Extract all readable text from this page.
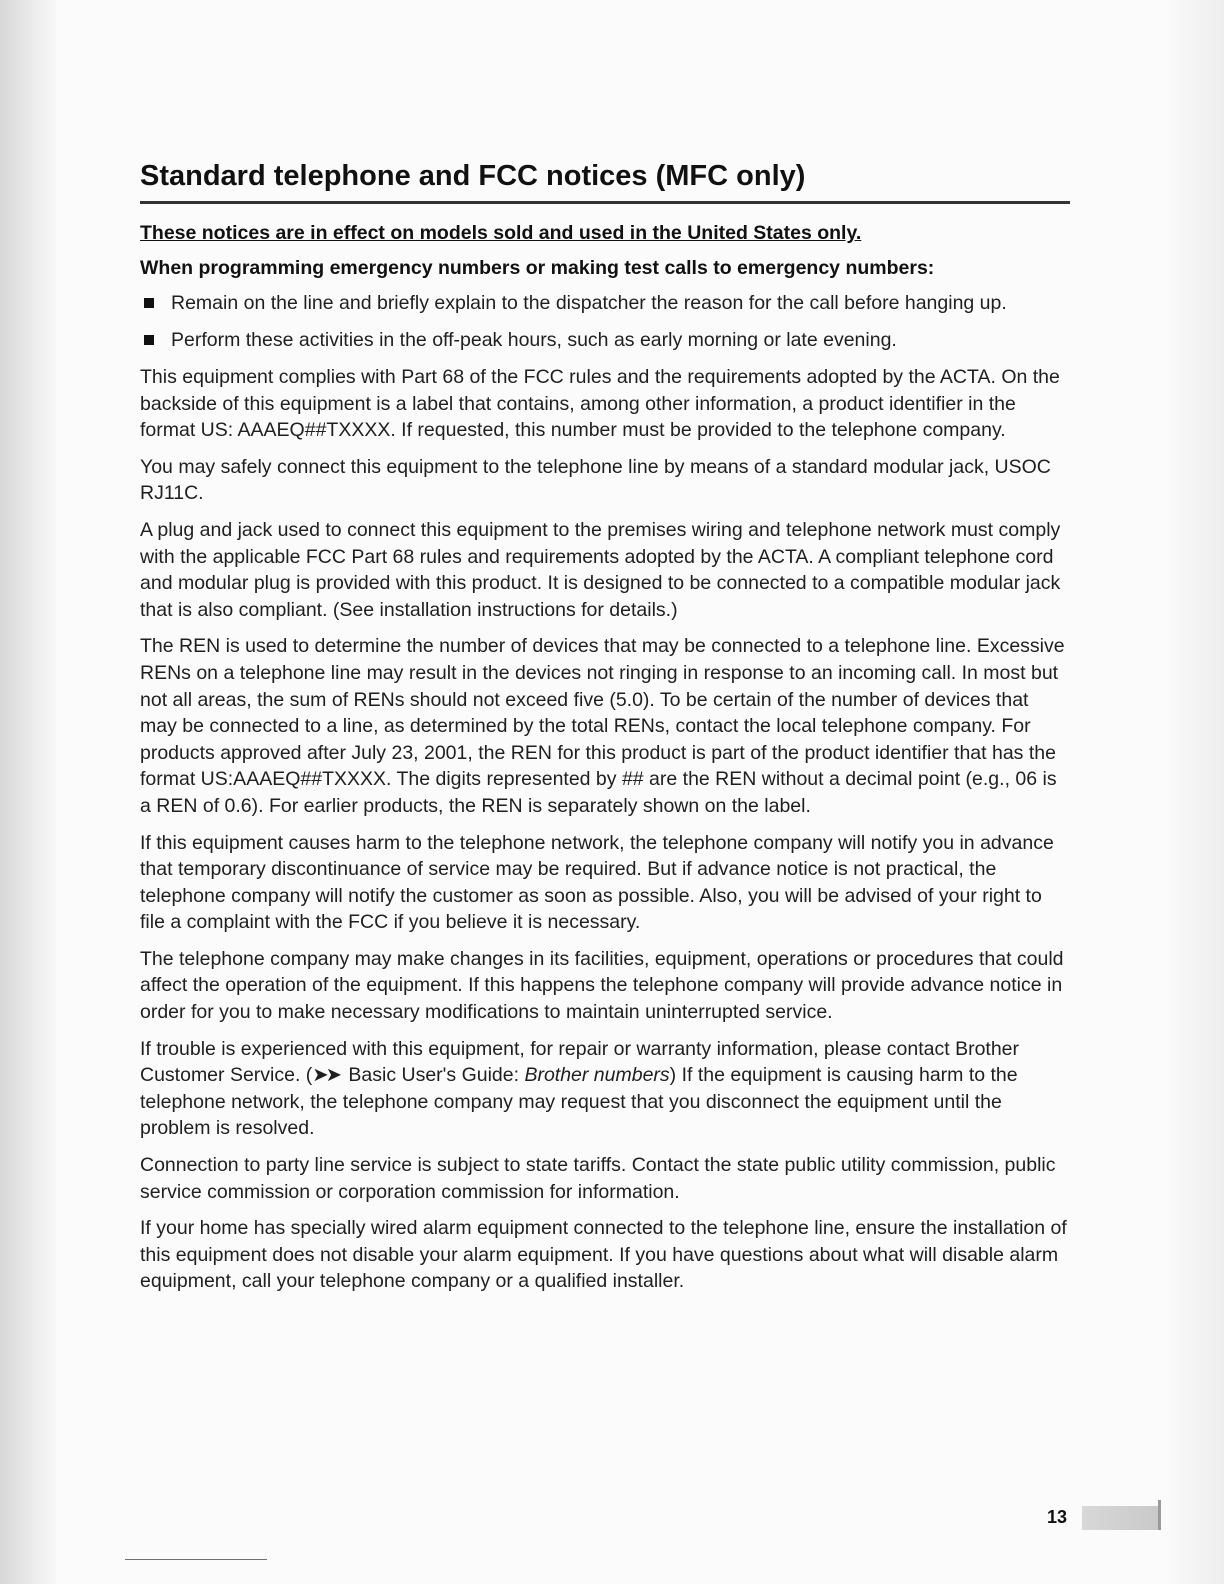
Standard telephone and FCC notices (MFC only)

These notices are in effect on models sold and used in the United States only.

When programming emergency numbers or making test calls to emergency numbers:

Remain on the line and briefly explain to the dispatcher the reason for the call before hanging up.
Perform these activities in the off-peak hours, such as early morning or late evening.

This equipment complies with Part 68 of the FCC rules and the requirements adopted by the ACTA. On the backside of this equipment is a label that contains, among other information, a product identifier in the format US: AAAEQ##TXXXX. If requested, this number must be provided to the telephone company.

You may safely connect this equipment to the telephone line by means of a standard modular jack, USOC RJ11C.

A plug and jack used to connect this equipment to the premises wiring and telephone network must comply with the applicable FCC Part 68 rules and requirements adopted by the ACTA. A compliant telephone cord and modular plug is provided with this product. It is designed to be connected to a compatible modular jack that is also compliant. (See installation instructions for details.)

The REN is used to determine the number of devices that may be connected to a telephone line. Excessive RENs on a telephone line may result in the devices not ringing in response to an incoming call. In most but not all areas, the sum of RENs should not exceed five (5.0). To be certain of the number of devices that may be connected to a line, as determined by the total RENs, contact the local telephone company. For products approved after July 23, 2001, the REN for this product is part of the product identifier that has the format US:AAAEQ##TXXXX. The digits represented by ## are the REN without a decimal point (e.g., 06 is a REN of 0.6). For earlier products, the REN is separately shown on the label.

If this equipment causes harm to the telephone network, the telephone company will notify you in advance that temporary discontinuance of service may be required. But if advance notice is not practical, the telephone company will notify the customer as soon as possible. Also, you will be advised of your right to file a complaint with the FCC if you believe it is necessary.

The telephone company may make changes in its facilities, equipment, operations or procedures that could affect the operation of the equipment. If this happens the telephone company will provide advance notice in order for you to make necessary modifications to maintain uninterrupted service.

If trouble is experienced with this equipment, for repair or warranty information, please contact Brother Customer Service. (➤➤ Basic User's Guide: Brother numbers) If the equipment is causing harm to the telephone network, the telephone company may request that you disconnect the equipment until the problem is resolved.

Connection to party line service is subject to state tariffs. Contact the state public utility commission, public service commission or corporation commission for information.

If your home has specially wired alarm equipment connected to the telephone line, ensure the installation of this equipment does not disable your alarm equipment. If you have questions about what will disable alarm equipment, call your telephone company or a qualified installer.

13
